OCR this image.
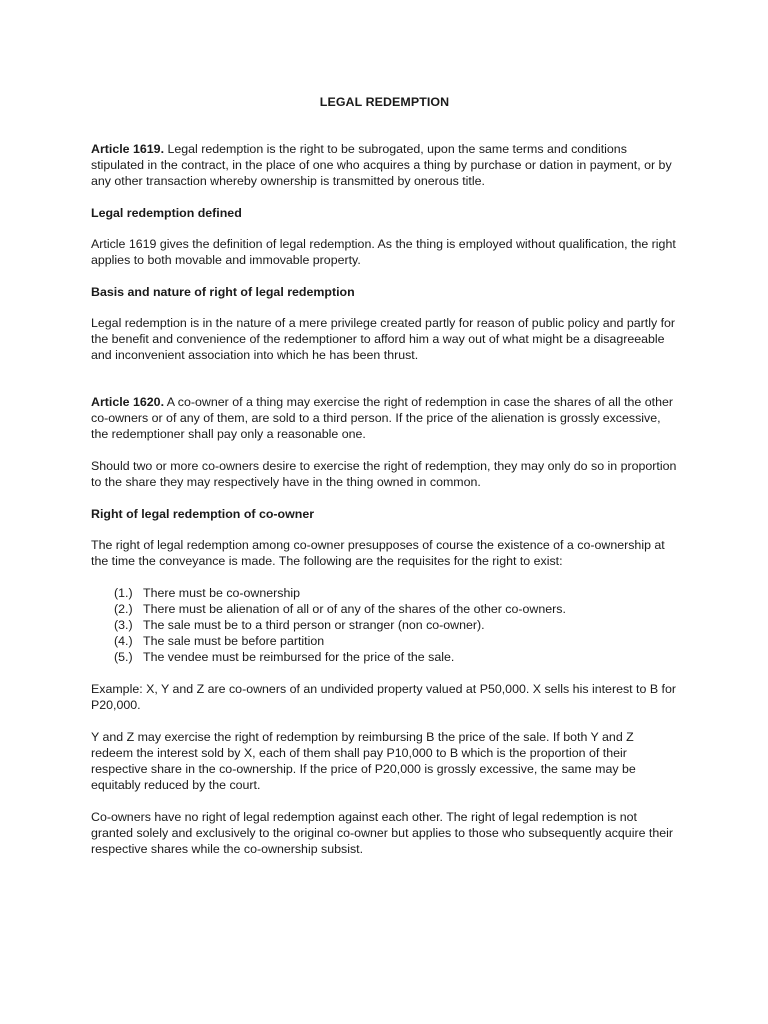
LEGAL REDEMPTION

Article 1619. Legal redemption is the right to be subrogated, upon the same terms and conditions stipulated in the contract, in the place of one who acquires a thing by purchase or dation in payment, or by any other transaction whereby ownership is transmitted by onerous title.

Legal redemption defined

Article 1619 gives the definition of legal redemption. As the thing is employed without qualification, the right applies to both movable and immovable property.

Basis and nature of right of legal redemption

Legal redemption is in the nature of a mere privilege created partly for reason of public policy and partly for the benefit and convenience of the redemptioner to afford him a way out of what might be a disagreeable and inconvenient association into which he has been thrust.

Article 1620. A co-owner of a thing may exercise the right of redemption in case the shares of all the other co-owners or of any of them, are sold to a third person. If the price of the alienation is grossly excessive, the redemptioner shall pay only a reasonable one.

Should two or more co-owners desire to exercise the right of redemption, they may only do so in proportion to the share they may respectively have in the thing owned in common.

Right of legal redemption of co-owner

The right of legal redemption among co-owner presupposes of course the existence of a co-ownership at the time the conveyance is made. The following are the requisites for the right to exist:

(1.) There must be co-ownership
(2.) There must be alienation of all or of any of the shares of the other co-owners.
(3.) The sale must be to a third person or stranger (non co-owner).
(4.) The sale must be before partition
(5.) The vendee must be reimbursed for the price of the sale.

Example: X, Y and Z are co-owners of an undivided property valued at P50,000. X sells his interest to B for P20,000.

Y and Z may exercise the right of redemption by reimbursing B the price of the sale. If both Y and Z redeem the interest sold by X, each of them shall pay P10,000 to B which is the proportion of their respective share in the co-ownership. If the price of P20,000 is grossly excessive, the same may be equitably reduced by the court.

Co-owners have no right of legal redemption against each other. The right of legal redemption is not granted solely and exclusively to the original co-owner but applies to those who subsequently acquire their respective shares while the co-ownership subsist.
